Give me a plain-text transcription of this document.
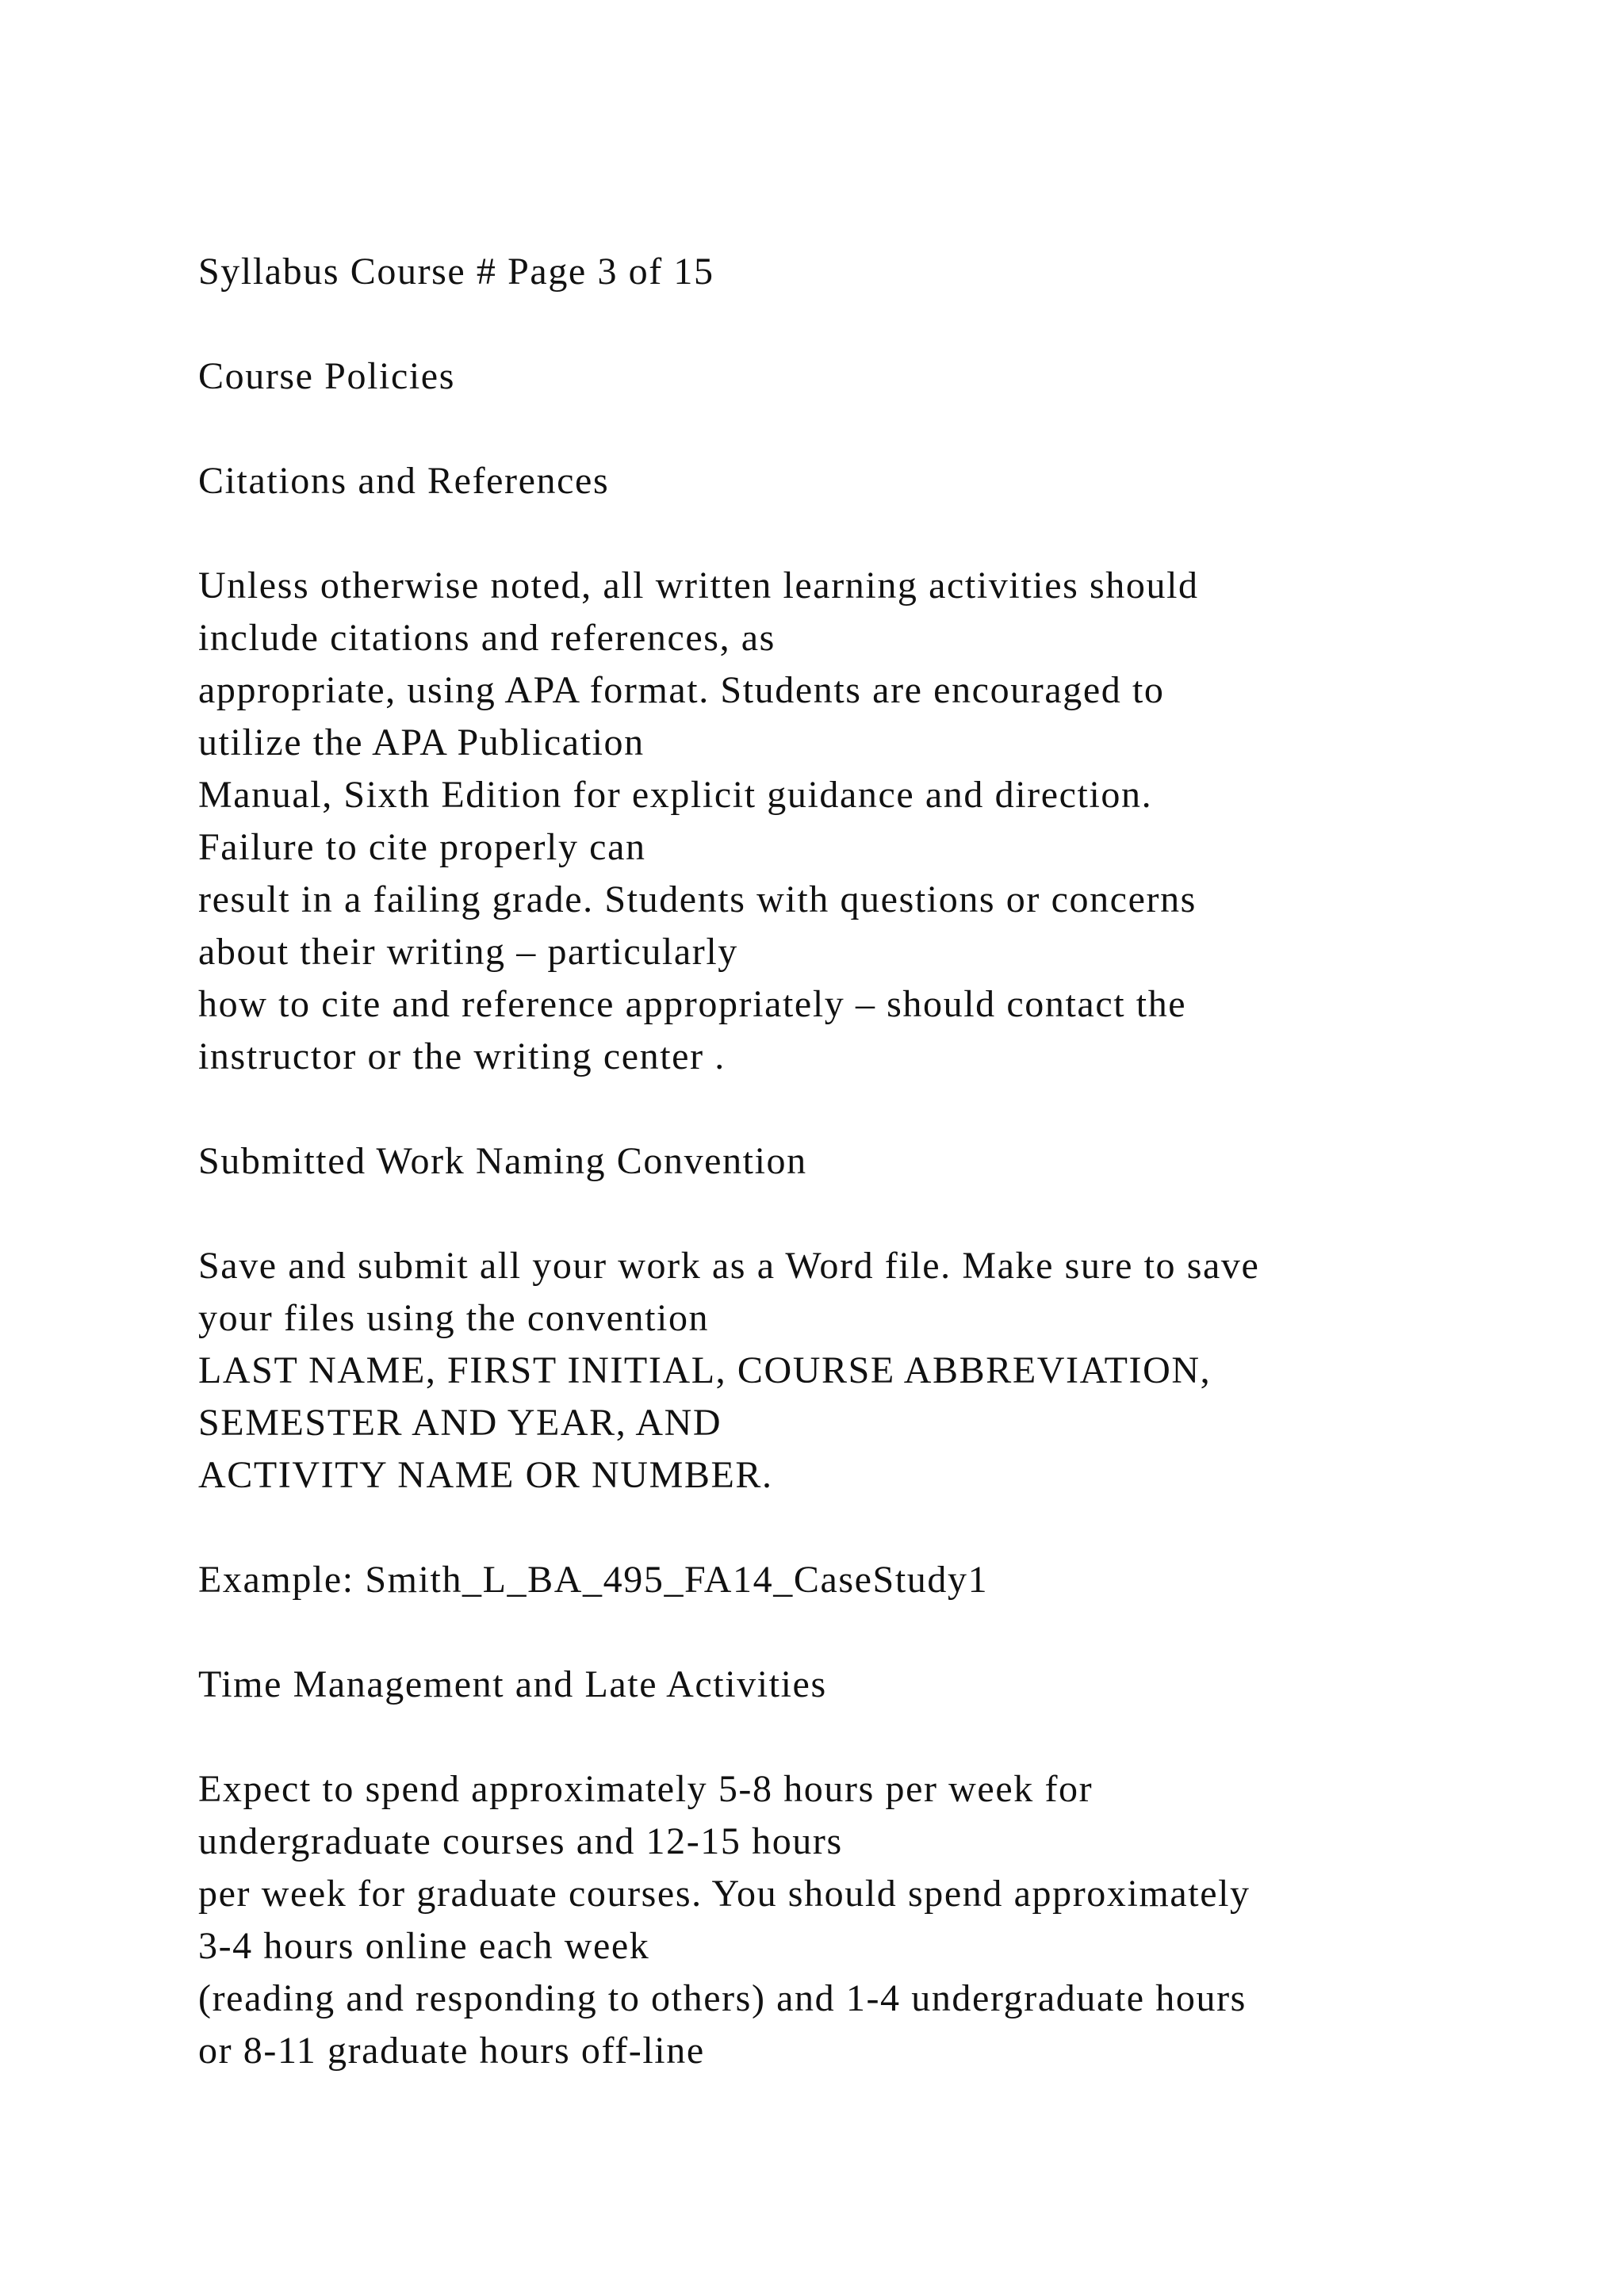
Syllabus Course # Page 3 of 15
Course Policies
Citations and References
Unless otherwise noted, all written learning activities should
include citations and references, as
appropriate, using APA format. Students are encouraged to
utilize the APA Publication
Manual, Sixth Edition for explicit guidance and direction.
Failure to cite properly can
result in a failing grade. Students with questions or concerns
about their writing – particularly
how to cite and reference appropriately – should contact the
instructor or the writing center .
Submitted Work Naming Convention
Save and submit all your work as a Word file. Make sure to save
your files using the convention
LAST NAME, FIRST INITIAL, COURSE ABBREVIATION,
SEMESTER AND YEAR, AND
ACTIVITY NAME OR NUMBER.
Example: Smith_L_BA_495_FA14_CaseStudy1
Time Management and Late Activities
Expect to spend approximately 5-8 hours per week for
undergraduate courses and 12-15 hours
per week for graduate courses. You should spend approximately
3-4 hours online each week
(reading and responding to others) and 1-4 undergraduate hours
or 8-11 graduate hours off-line
